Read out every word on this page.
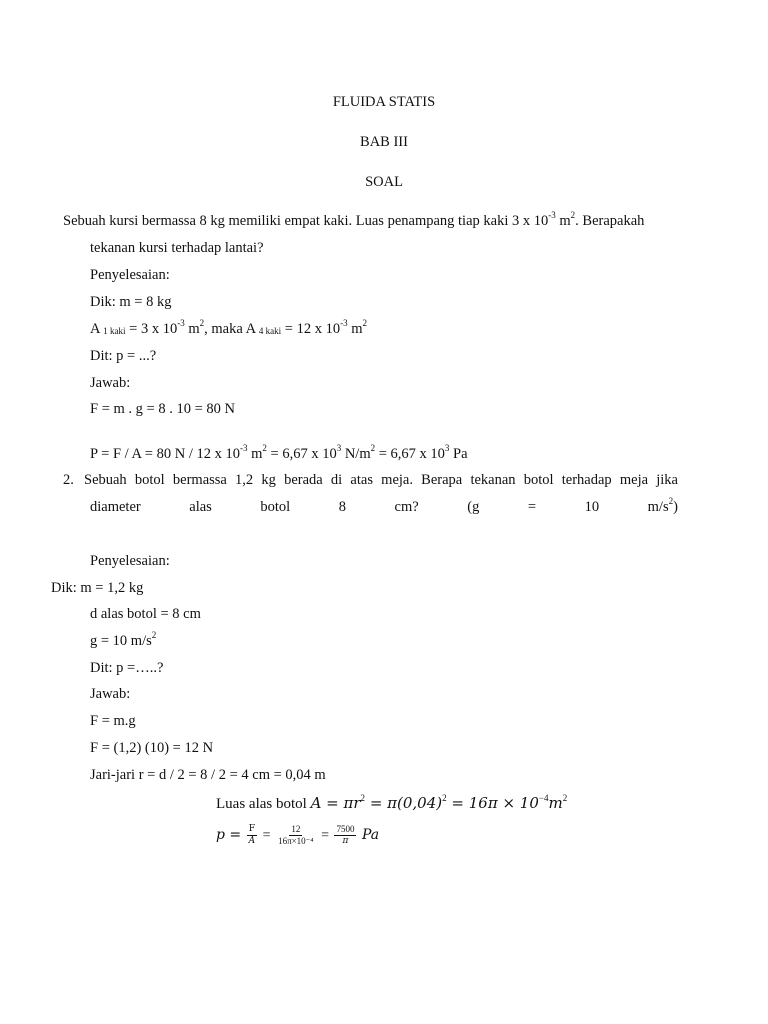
FLUIDA STATIS
BAB III
SOAL
Sebuah kursi bermassa 8 kg memiliki empat kaki. Luas penampang tiap kaki 3 x $10^{-3}$ $m^2$. Berapakah
tekanan kursi terhadap lantai?
Penyelesaian:
Dik: m = 8 kg
A $_{1 kaki}$ = 3 x $10^{-3}$ $m^2$, maka A $_{4 kaki}$ = 12 x $10^{-3}$ $m^2$
Dit: p = ...?
Jawab:
F = m . g = 8 . 10 = 80 N
P = F / A = 80 N / 12 x $10^{-3}$ $m^2 = 6,67$ x $10^3$ $N/m^2 = 6,67$ x $10^3$ Pa
2. Sebuah botol bermassa 1,2 kg berada di atas meja. Berapa tekanan botol terhadap meja jika
diameter	alas	botol	8	cm?	(g	=	10	$m/s^2$)
Penyelesaian:
Dik: m = 1,2 kg
d alas botol = 8 cm
g = 10 $m/s^2$
Dit: p =…..?
Jawab:
F = m.g
F = (1,2) (10) = 12 N
Jari-jari r = d / 2 = 8 / 2 = 4 cm = 0,04 m
Luas alas botol $A = \pi r^2 = \pi(0,04)^2 = 16\pi \times 10^{-4}m^2$
$p = \frac{F}{A} = \frac{12}{\text{16π×10⁻⁴}} = \frac{7500}{\pi}$ Pa
